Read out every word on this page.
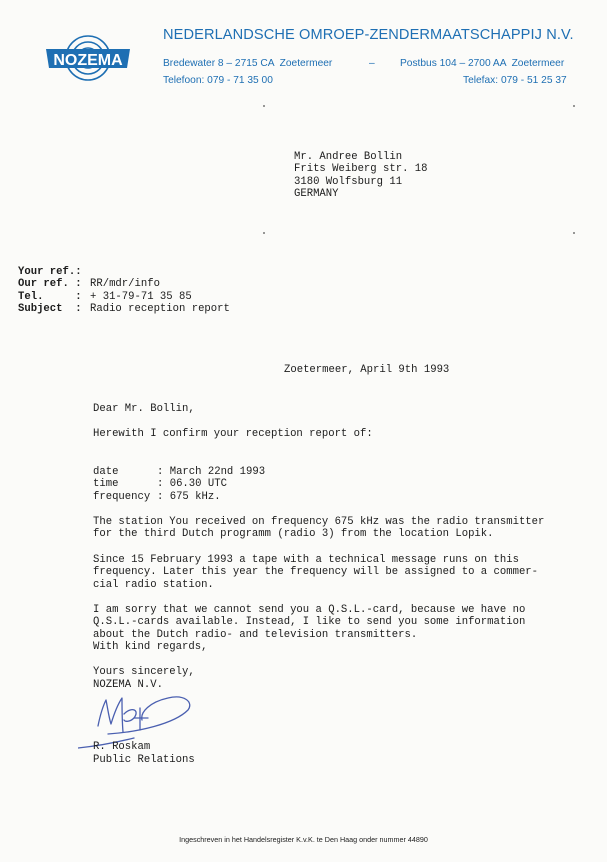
NOZEMA
NEDERLANDSCHE OMROEP-ZENDERMAATSCHAPPIJ N.V.
Bredewater 8 – 2715 CA  Zoetermeer	– Postbus 104 – 2700 AA  Zoetermeer
Telefoon: 079 - 71 35 00	Telefax: 079 - 51 25 37

Mr. Andree Bollin
Frits Weiberg str. 18
3180 Wolfsburg 11
GERMANY

Your ref.:
Our ref. : RR/mdr/info
Tel.     : + 31-79-71 35 85
Subject  : Radio reception report
Zoetermeer, April 9th 1993
Dear Mr. Bollin,
Herewith I confirm your reception report of:

date	: March 22nd 1993
time	: 06.30 UTC
frequency : 675 kHz.

The station You received on frequency 675 kHz was the radio transmitter
for the third Dutch programm (radio 3) from the location Lopik.

Since 15 February 1993 a tape with a technical message runs on this
frequency. Later this year the frequency will be assigned to a commer-
cial radio station.

I am sorry that we cannot send you a Q.S.L.-card, because we have no
Q.S.L.-cards available. Instead, I like to send you some information
about the Dutch radio- and television transmitters.
With kind regards,
Yours sincerely,
NOZEMA N.V.
R. Roskam
Public Relations
Ingeschreven in het Handelsregister K.v.K. te Den Haag onder nummer 44890
